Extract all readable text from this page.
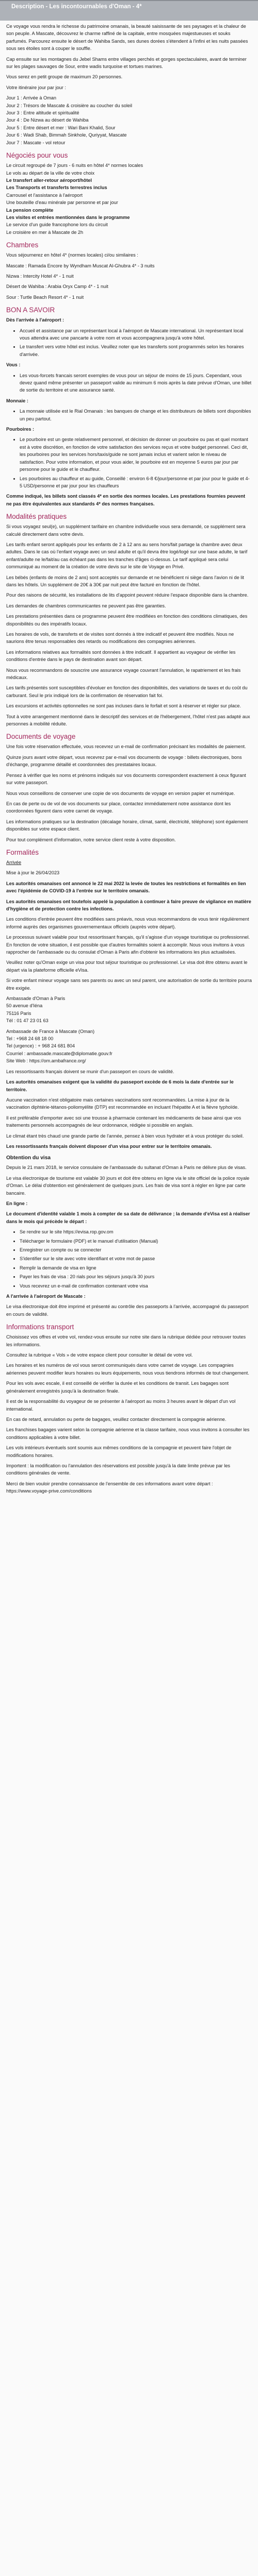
Description - Les incontournables d'Oman - 4*

Ce voyage vous rendra le richesse du patrimoine omanais, la beauté saisissante de ses paysages et la chaleur de son peuple. A Mascate, découvrez le charme raffiné de la capitale, entre mosquées majestueuses et souks parfumés. Parcourez ensuite le désert de Wahiba Sands, ses dunes dorées s'étendent à l'infini et les nuits passées sous ses étoiles sont à couper le souffle.

Cap ensuite sur les montagnes du Jebel Shams entre villages perchés et gorges spectaculaires, avant de terminer sur les plages sauvages de Sour, entre wadis turquoise et tortues marines.

Vous serez en petit groupe de maximum 20 personnes.

Votre itinéraire jour par jour :

Jour 1 : Arrivée à Oman
Jour 2 : Trésors de Mascate & croisière au coucher du soleil
Jour 3 : Entre altitude et spiritualité
Jour 4 : De Nizwa au désert de Wahiba
Jour 5 : Entre désert et mer : Wari Bani Khalid, Sour
Jour 6 : Wadi Shab, Bimmah Sinkhole, Quriyyat, Mascate
Jour 7 : Mascate - vol retour
Négociés pour vous
Le circuit regroupé de 7 jours - 6 nuits en hôtel 4* normes locales
Le vols au départ de la ville de votre choix
Le transfert aller-retour aéroport/hôtel
Les Transports et transferts terrestres inclus
Carrousel et l'assistance à l'aéroport
Une bouteille d'eau minérale par personne et par jour
La pension complète
Les visites et entrées mentionnées dans le programme
Le service d'un guide francophone lors du circuit
Le croisière en mer à Mascate de 2h
Chambres

Vous séjournerez en hôtel 4* (normes locales) ci/ou similaires :

Mascate : Ramada Encore by Wyndham Muscat Al-Ghubra 4* - 3 nuits

Nizwa : Intercity Hotel 4* - 1 nuit

Désert de Wahiba : Arabia Oryx Camp 4* - 1 nuit

Sour : Turtle Beach Resort 4* - 1 nuit

BON A SAVOIR

Dès l'arrivée à l'aéroport :

• Accueil et assistance par un représentant local à l'aéroport de Mascate international. Un représentant local vous attendra avec une pancarte à votre nom et vous accompagnera jusqu'à votre hôtel.
• Le transfert vers votre hôtel est inclus. Veuillez noter que les transferts sont programmés selon les horaires d'arrivée.

Vous :

• Les vous-forcets francais seront exemples de vous pour un séjour de moins de 15 jours. Cependant, vous devez quand même présenter un passeport valide au minimum 6 mois après la date prévue d'Oman, une billet de sortie du territoire et une assurance santé.

Monnaie :

• La monnaie utilisée est le Rial Omanais : les banques de change et les distributeurs de billets sont disponibles un peu partout.

Pourboires :

• Le pourboire est un geste relativement personnel, et décision de donner un pourboire ou pas et quel montant est à votre discrétion, en fonction de votre satisfaction des services reçus et votre budget personnel. Ceci dit, les pourboires pour les services hors/taxis/guide ne sont jamais inclus et varient selon le niveau de satisfaction. Pour votre information, et pour vous aider, le pourboire est en moyenne 5 euros par jour par personne pour le guide et le chauffeur.
• Les pourboires au chauffeur et au guide, Conseillé : environ 6-8 €/jour/personne et par jour pour le guide et 4-5 USD/personne et par jour pour les chauffeurs

Comme indiqué, les billets sont classés 4* en sortie des normes locales. Les prestations fournies peuvent ne pas être équivalentes aux standards 4* des normes françaises.

Modalités pratiques

Si vous voyagez seul(e), un supplément tarifaire en chambre individuelle vous sera demandé, ce supplément sera calculé directement dans votre devis.

Les tarifs enfant seront appliqués pour les enfants de 2 à 12 ans au sens hors/fait partage la chambre avec deux adultes. Dans le cas où l'enfant voyage avec un seul adulte et qu'il devra être logé/logé sur une base adulte, le tarif enfant/adulte ne le/fait/au cas échéant pas dans les tranches d'âges ci-dessus. Le tarif appliqué sera celui communiqué au moment de la création de votre devis sur le site de Voyage en Privé.

Les bébés (enfants de moins de 2 ans) sont acceptés sur demande et ne bénéficient ni siège dans l'avion ni de lit dans les hôtels. Un supplément de 20€ à 30€ par nuit peut être facturé en fonction de l'hôtel.

Pour des raisons de sécurité, les installations de lits d'appoint peuvent réduire l'espace disponible dans la chambre.

Les demandes de chambres communicantes ne peuvent pas être garanties.

Les prestations présentées dans ce programme peuvent être modifiées en fonction des conditions climatiques, des disponibilités ou des impératifs locaux.

Les horaires de vols, de transferts et de visites sont donnés à titre indicatif et peuvent être modifiés. Nous ne saurions être tenus responsables des retards ou modifications des compagnies aériennes.

Les informations relatives aux formalités sont données à titre indicatif. Il appartient au voyageur de vérifier les conditions d'entrée dans le pays de destination avant son départ.

Nous vous recommandons de souscrire une assurance voyage couvrant l'annulation, le rapatriement et les frais médicaux.

Les tarifs présentés sont susceptibles d'évoluer en fonction des disponibilités, des variations de taxes et du coût du carburant. Seul le prix indiqué lors de la confirmation de réservation fait foi.

Les excursions et activités optionnelles ne sont pas incluses dans le forfait et sont à réserver et régler sur place.

Tout à votre arrangement mentionné dans le descriptif des services et de l'hébergement, l'hôtel n'est pas adapté aux personnes à mobilité réduite.

Documents de voyage

Une fois votre réservation effectuée, vous recevrez un e-mail de confirmation précisant les modalités de paiement.

Quinze jours avant votre départ, vous recevrez par e-mail vos documents de voyage : billets électroniques, bons d'échange, programme détaillé et coordonnées des prestataires locaux.

Pensez à vérifier que les noms et prénoms indiqués sur vos documents correspondent exactement à ceux figurant sur votre passeport.

Nous vous conseillons de conserver une copie de vos documents de voyage en version papier et numérique.

En cas de perte ou de vol de vos documents sur place, contactez immédiatement notre assistance dont les coordonnées figurent dans votre carnet de voyage.

Les informations pratiques sur la destination (décalage horaire, climat, santé, électricité, téléphone) sont également disponibles sur votre espace client.

Pour tout complément d'information, notre service client reste à votre disposition.

Formalités

Arrivée

Mise à jour le 26/04/2023

Les autorités omanaises ont annoncé le 22 mai 2022 la levée de toutes les restrictions et formalités en lien avec l'épidémie de COVID-19 à l'entrée sur le territoire omanais.

Les autorités omanaises ont toutefois appelé la population à continuer à faire preuve de vigilance en matière d'hygiène et de protection contre les infections.

Les conditions d'entrée peuvent être modifiées sans préavis, nous vous recommandons de vous tenir régulièrement informé auprès des organismes gouvernementaux officiels (auprès votre départ).

Le processus suivant valable pour tout ressortissant français, qu'il s'agisse d'un voyage touristique ou professionnel. En fonction de votre situation, il est possible que d'autres formalités soient à accomplir. Nous vous invitons à vous rapprocher de l'ambassade ou du consulat d'Oman à Paris afin d'obtenir les informations les plus actualisées.

Veuillez noter qu'Oman exige un visa pour tout séjour touristique ou professionnel. Le visa doit être obtenu avant le départ via la plateforme officielle eVisa.

Si votre enfant mineur voyage sans ses parents ou avec un seul parent, une autorisation de sortie du territoire pourra être exigée.

Ambassade d'Oman à Paris
50 avenue d'Iéna
75116 Paris
Tél : 01 47 23 01 63
Ambassade de France à Mascate (Oman)
Tel : +968 24 68 18 00
Tel (urgence) : + 968 24 681 804
Courriel : ambassade.mascate@diplomatie.gouv.fr
Site Web : https://om.ambafrance.org/

Les ressortissants français doivent se munir d'un passeport en cours de validité.

Les autorités omanaises exigent que la validité du passeport excède de 6 mois la date d'entrée sur le territoire.

Aucune vaccination n'est obligatoire mais certaines vaccinations sont recommandées. La mise à jour de la vaccination diphtérie-tétanos-poliomyélite (DTP) est recommandée en incluant l'hépatite A et la fièvre typhoïde.

Il est préférable d'emporter avec soi une trousse à pharmacie contenant les médicaments de base ainsi que vos traitements personnels accompagnés de leur ordonnance, rédigée si possible en anglais.

Le climat étant très chaud une grande partie de l'année, pensez à bien vous hydrater et à vous protéger du soleil.

Les ressortissants français doivent disposer d'un visa pour entrer sur le territoire omanais.

Obtention du visa

Depuis le 21 mars 2018, le service consulaire de l'ambassade du sultanat d'Oman à Paris ne délivre plus de visas.

Le visa électronique de tourisme est valable 30 jours et doit être obtenu en ligne via le site officiel de la police royale d'Oman. Le délai d'obtention est généralement de quelques jours. Les frais de visa sont à régler en ligne par carte bancaire.

En ligne :

Le document d'identité valable 1 mois à compter de sa date de délivrance ; la demande d'eVisa est à réaliser dans le mois qui précède le départ :

• Se rendre sur le site https://evisa.rop.gov.om
• Télécharger le formulaire (PDF) et le manuel d'utilisation (Manual)
• Enregistrer un compte ou se connecter
• S'identifier sur le site avec votre identifiant et votre mot de passe
• Remplir la demande de visa en ligne
• Payer les frais de visa : 20 rials pour les séjours jusqu'à 30 jours
• Vous recevrez un e-mail de confirmation contenant votre visa

A l'arrivée à l'aéroport de Mascate :

Le visa électronique doit être imprimé et présenté au contrôle des passeports à l'arrivée, accompagné du passeport en cours de validité.

Informations transport

Choisissez vos offres et votre vol, rendez-vous ensuite sur notre site dans la rubrique dédiée pour retrouver toutes les informations.

Consultez la rubrique « Vols » de votre espace client pour consulter le détail de votre vol.

Les horaires et les numéros de vol vous seront communiqués dans votre carnet de voyage. Les compagnies aériennes peuvent modifier leurs horaires ou leurs équipements, nous vous tiendrons informés de tout changement.

Pour les vols avec escale, il est conseillé de vérifier la durée et les conditions de transit. Les bagages sont généralement enregistrés jusqu'à la destination finale.

Il est de la responsabilité du voyageur de se présenter à l'aéroport au moins 3 heures avant le départ d'un vol international.

En cas de retard, annulation ou perte de bagages, veuillez contacter directement la compagnie aérienne.

Les franchises bagages varient selon la compagnie aérienne et la classe tarifaire, nous vous invitons à consulter les conditions applicables à votre billet.

Les vols intérieurs éventuels sont soumis aux mêmes conditions de la compagnie et peuvent faire l'objet de modifications horaires.

Importent : la modification ou l'annulation des réservations est possible jusqu'à la date limite prévue par les conditions générales de vente.

Merci de bien vouloir prendre connaissance de l'ensemble de ces informations avant votre départ : https://www.voyage-prive.com/conditions
